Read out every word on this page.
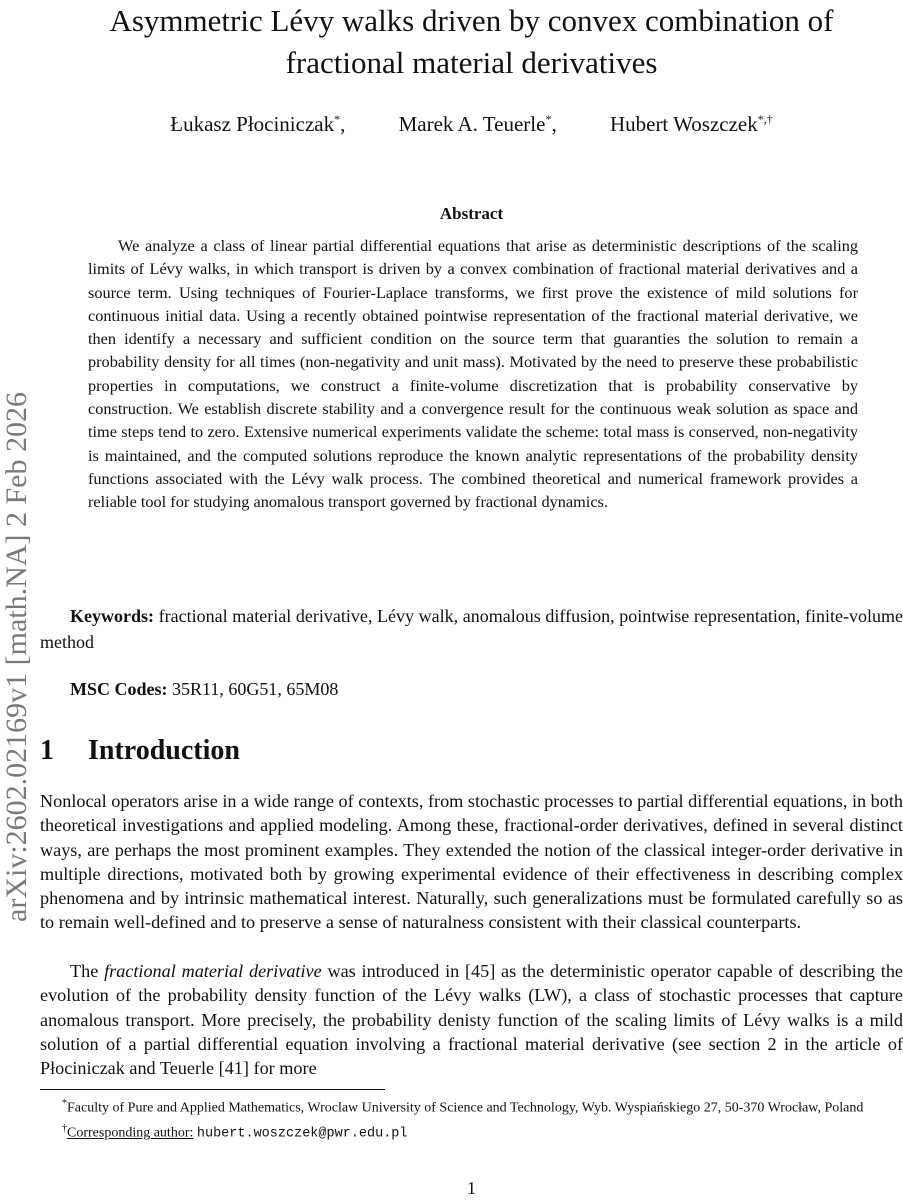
arXiv:2602.02169v1 [math.NA] 2 Feb 2026
Asymmetric Lévy walks driven by convex combination of
fractional material derivatives
Łukasz Płociniczak*,	Marek A. Teuerle*,	Hubert Woszczek*,†
Abstract

We analyze a class of linear partial differential equations that arise as deterministic descriptions of the scaling limits of Lévy walks, in which transport is driven by a convex combination of fractional material derivatives and a source term. Using techniques of Fourier-Laplace transforms, we first prove the existence of mild solutions for continuous initial data. Using a recently obtained pointwise representation of the fractional material derivative, we then identify a necessary and sufficient condition on the source term that guaranties the solution to remain a probability density for all times (non-negativity and unit mass). Motivated by the need to preserve these probabilistic properties in computations, we construct a finite-volume discretization that is probability conservative by construction. We establish discrete stability and a convergence result for the continuous weak solution as space and time steps tend to zero. Extensive numerical experiments validate the scheme: total mass is conserved, non-negativity is maintained, and the computed solutions reproduce the known analytic representations of the probability density functions associated with the Lévy walk process. The combined theoretical and numerical framework provides a reliable tool for studying anomalous transport governed by fractional dynamics.

Keywords: fractional material derivative, Lévy walk, anomalous diffusion, pointwise representation, finite-volume method

MSC Codes: 35R11, 60G51, 65M08

1 Introduction

Nonlocal operators arise in a wide range of contexts, from stochastic processes to partial differential equations, in both theoretical investigations and applied modeling. Among these, fractional-order derivatives, defined in several distinct ways, are perhaps the most prominent examples. They extended the notion of the classical integer-order derivative in multiple directions, motivated both by growing experimental evidence of their effectiveness in describing complex phenomena and by intrinsic mathematical interest. Naturally, such generalizations must be formulated carefully so as to remain well-defined and to preserve a sense of naturalness consistent with their classical counterparts.

The fractional material derivative was introduced in [45] as the deterministic operator capable of describing the evolution of the probability density function of the Lévy walks (LW), a class of stochastic processes that capture anomalous transport. More precisely, the probability denisty function of the scaling limits of Lévy walks is a mild solution of a partial differential equation involving a fractional material derivative (see section 2 in the article of Płociniczak and Teuerle [41] for more

*Faculty of Pure and Applied Mathematics, Wroclaw University of Science and Technology, Wyb. Wyspiańskiego 27, 50-370 Wrocław, Poland

†Corresponding author: hubert.woszczek@pwr.edu.pl

1
